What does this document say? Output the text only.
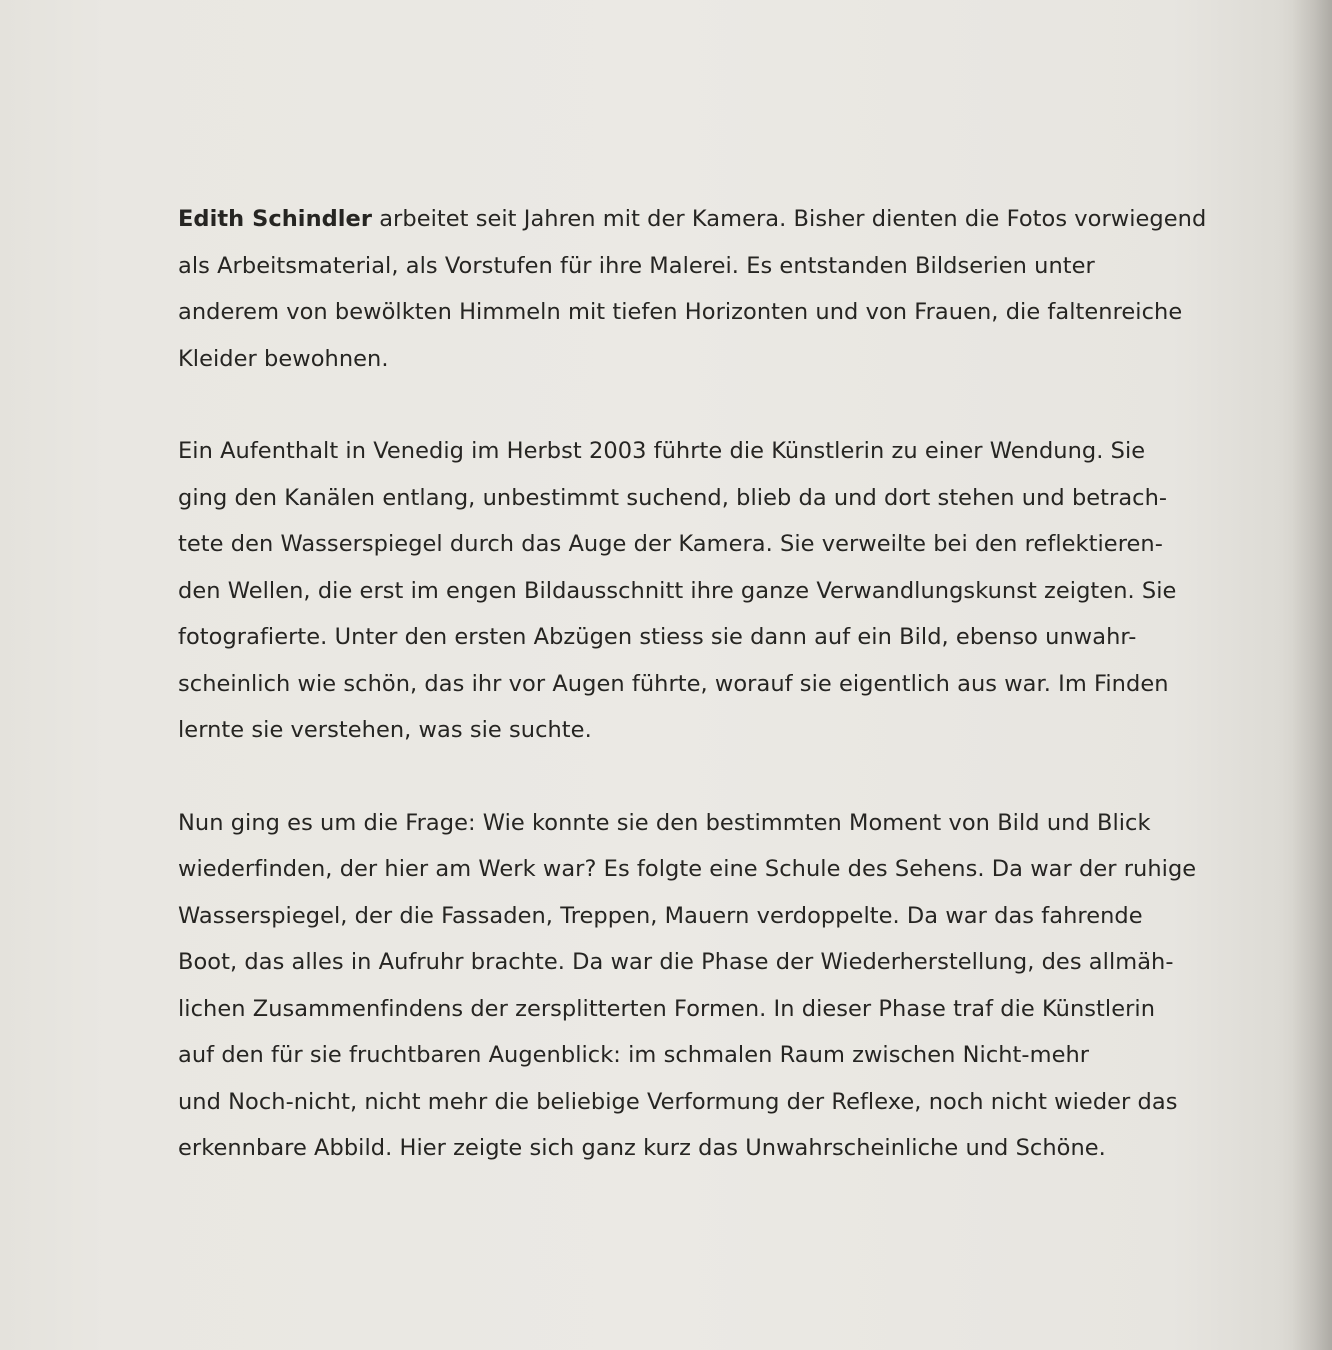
Edith Schindler arbeitet seit Jahren mit der Kamera. Bisher dienten die Fotos vorwiegend
als Arbeitsmaterial, als Vorstufen für ihre Malerei. Es entstanden Bildserien unter
anderem von bewölkten Himmeln mit tiefen Horizonten und von Frauen, die faltenreiche
Kleider bewohnen.

Ein Aufenthalt in Venedig im Herbst 2003 führte die Künstlerin zu einer Wendung. Sie
ging den Kanälen entlang, unbestimmt suchend, blieb da und dort stehen und betrach-
tete den Wasserspiegel durch das Auge der Kamera. Sie verweilte bei den reflektieren-
den Wellen, die erst im engen Bildausschnitt ihre ganze Verwandlungskunst zeigten. Sie
fotografierte. Unter den ersten Abzügen stiess sie dann auf ein Bild, ebenso unwahr-
scheinlich wie schön, das ihr vor Augen führte, worauf sie eigentlich aus war. Im Finden
lernte sie verstehen, was sie suchte.

Nun ging es um die Frage: Wie konnte sie den bestimmten Moment von Bild und Blick
wiederfinden, der hier am Werk war? Es folgte eine Schule des Sehens. Da war der ruhige
Wasserspiegel, der die Fassaden, Treppen, Mauern verdoppelte. Da war das fahrende
Boot, das alles in Aufruhr brachte. Da war die Phase der Wiederherstellung, des allmäh-
lichen Zusammenfindens der zersplitterten Formen. In dieser Phase traf die Künstlerin
auf den für sie fruchtbaren Augenblick: im schmalen Raum zwischen Nicht-mehr
und Noch-nicht, nicht mehr die beliebige Verformung der Reflexe, noch nicht wieder das
erkennbare Abbild. Hier zeigte sich ganz kurz das Unwahrscheinliche und Schöne.
